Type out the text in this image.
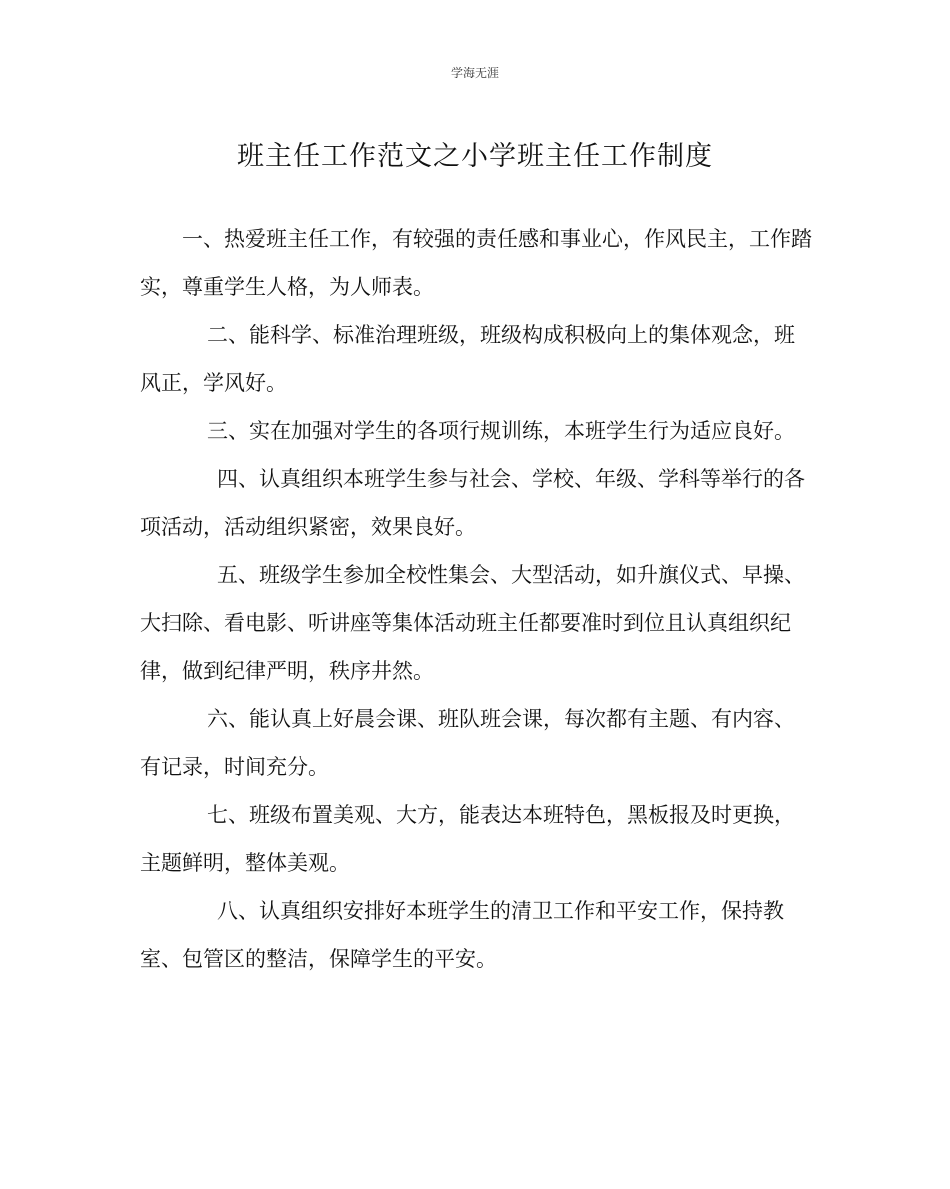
学海无涯
班主任工作范文之小学班主任工作制度

一、热爱班主任工作，有较强的责任感和事业心，作风民主，工作踏实，尊重学生人格，为人师表。

二、能科学、标准治理班级，班级构成积极向上的集体观念，班风正，学风好。

三、实在加强对学生的各项行规训练，本班学生行为适应良好。

四、认真组织本班学生参与社会、学校、年级、学科等举行的各项活动，活动组织紧密，效果良好。

五、班级学生参加全校性集会、大型活动，如升旗仪式、早操、大扫除、看电影、听讲座等集体活动班主任都要准时到位且认真组织纪律，做到纪律严明，秩序井然。

六、能认真上好晨会课、班队班会课，每次都有主题、有内容、有记录，时间充分。

七、班级布置美观、大方，能表达本班特色，黑板报及时更换，主题鲜明，整体美观。

八、认真组织安排好本班学生的清卫工作和平安工作，保持教室、包管区的整洁，保障学生的平安。
